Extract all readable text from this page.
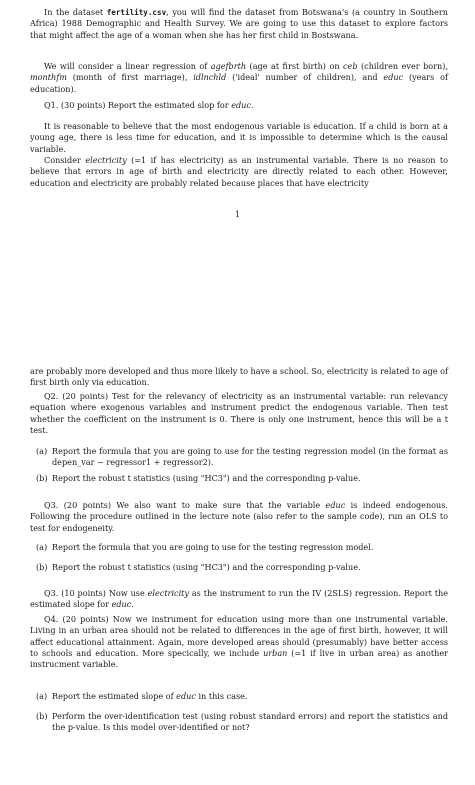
In the dataset fertility.csv, you will find the dataset from Botswana's (a country in Southern Africa) 1988 Demographic and Health Survey. We are going to use this dataset to explore factors that might affect the age of a woman when she has her first child in Bostswana.

We will consider a linear regression of agefbrth (age at first birth) on ceb (children ever born), monthfm (month of first marriage), idlnchld ('ideal' number of children), and educ (years of education).

Q1. (30 points) Report the estimated slop for educ.

It is reasonable to believe that the most endogenous variable is education. If a child is born at a young age, there is less time for education, and it is impossible to determine which is the causal variable.

Consider electricity (=1 if has electricity) as an instrumental variable. There is no reason to believe that errors in age of birth and electricity are directly related to each other. However, education and electricity are probably related because places that have electricity

1

are probably more developed and thus more likely to have a school. So, electricity is related to age of first birth only via education.

Q2. (20 points) Test for the relevancy of electricity as an instrumental variable: run relevancy equation where exogenous variables and instrument predict the endogenous variable. Then test whether the coefficient on the instrument is 0. There is only one instrument, hence this will be a t test.

(a) Report the formula that you are going to use for the testing regression model (in the format as depen_var ~ regressor1 + regressor2).

(b) Report the robust t statistics (using "HC3") and the corresponding p-value.

Q3. (20 points) We also want to make sure that the variable educ is indeed endogenous. Following the procedure outlined in the lecture note (also refer to the sample code), run an OLS to test for endogeneity.

(a) Report the formula that you are going to use for the testing regression model.

(b) Report the robust t statistics (using "HC3") and the corresponding p-value.

Q3. (10 points) Now use electricity as the instrument to run the IV (2SLS) regression. Report the estimated slope for educ.

Q4. (20 points) Now we instrument for education using more than one instrumental variable. Living in an urban area should not be related to differences in the age of first birth, however, it will affect educational attainment. Again, more developed areas should (presumably) have better access to schools and education. More specically, we include urban (=1 if live in urban area) as another instrucment variable.

(a) Report the estimated slope of educ in this case.

(b) Perform the over-identification test (using robust standard errors) and report the statistics and the p-value. Is this model over-identified or not?
